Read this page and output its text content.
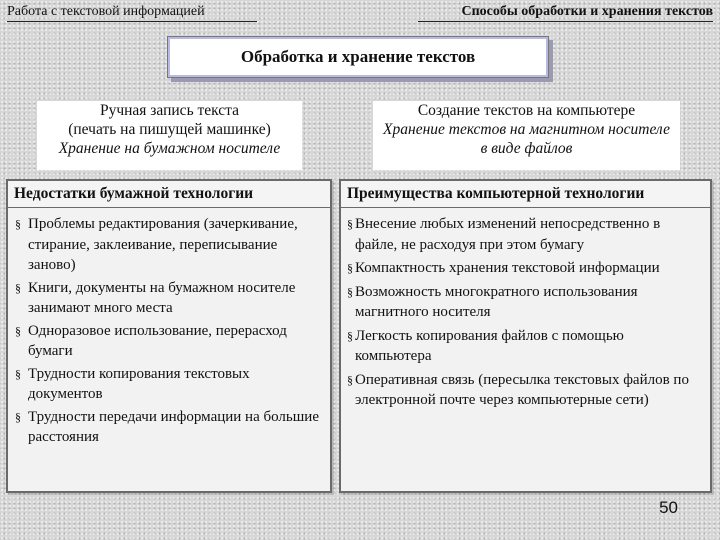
Работа с текстовой информацией	Способы обработки и хранения текстов
Обработка и хранение текстов
Ручная запись текста
(печать на пишущей машинке)
Хранение на бумажном носителе
Создание текстов на компьютере
Хранение текстов на магнитном носителе
в виде файлов
Недостатки бумажной технологии
§ Проблемы редактирования (зачеркивание, стирание, заклеивание, переписывание заново)
§ Книги, документы на бумажном носителе занимают много места
§ Одноразовое использование, перерасход бумаги
§ Трудности копирования текстовых документов
§ Трудности передачи информации на большие расстояния
Преимущества компьютерной технологии
§ Внесение любых изменений непосредственно в файле, не расходуя при этом бумагу
§ Компактность хранения текстовой информации
§ Возможность многократного использования магнитного носителя
§ Легкость копирования файлов с помощью компьютера
§ Оперативная связь (пересылка текстовых файлов по электронной почте через компьютерные сети)
50
